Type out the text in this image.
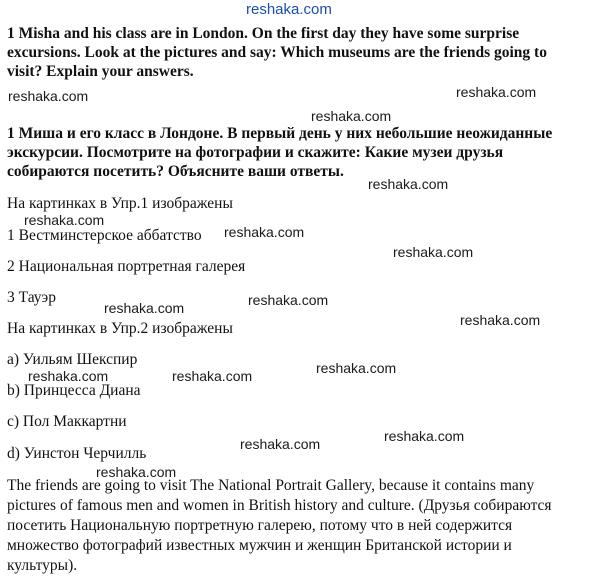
reshaka.com
1 Misha and his class are in London. On the first day they have some surprise excursions. Look at the pictures and say: Which museums are the friends going to visit? Explain your answers.
1 Миша и его класс в Лондоне. В первый день у них небольшие неожиданные экскурсии. Посмотрите на фотографии и скажите: Какие музеи друзья собираются посетить? Объясните ваши ответы.
На картинках в Упр.1 изображены
1 Вестминстерское аббатство
2 Национальная портретная галерея
3 Тауэр
На картинках в Упр.2 изображены
a) Уильям Шекспир
b) Принцесса Диана
c) Пол Маккартни
d) Уинстон Черчилль
The friends are going to visit The National Portrait Gallery, because it contains many pictures of famous men and women in British history and culture. (Друзья собираются посетить Национальную портретную галерею, потому что в ней содержится множество фотографий известных мужчин и женщин Британской истории и культуры).
reshaka.com	reshaka.com
reshaka.com
reshaka.com
reshaka.com
reshaka.com
reshaka.com
reshaka.com
reshaka.com
reshaka.com
reshaka.com
reshaka.com	reshaka.com
reshaka.com
reshaka.com
reshaka.com
